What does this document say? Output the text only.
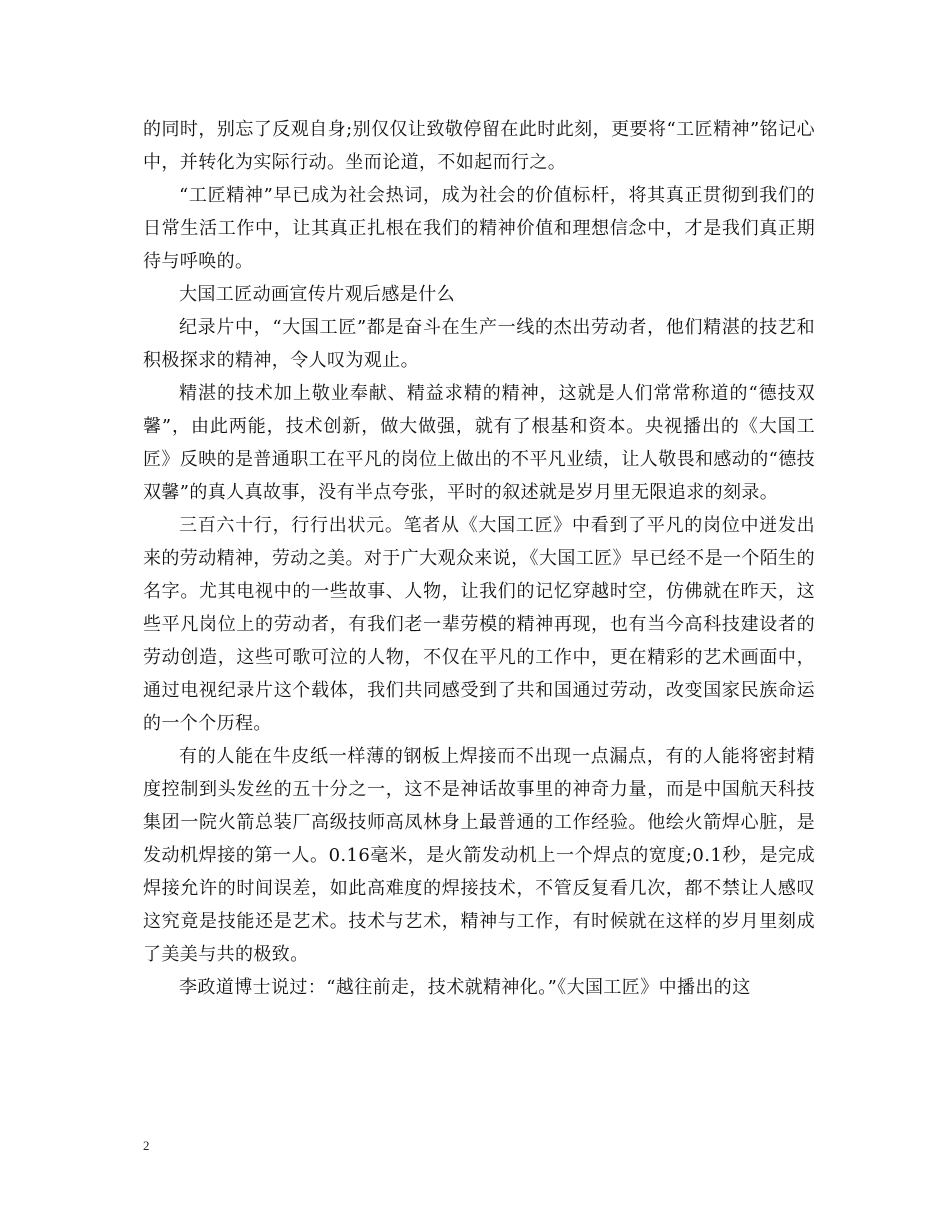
的同时，别忘了反观自身;别仅仅让致敬停留在此时此刻，更要将“工匠精神”铭记心中，并转化为实际行动。坐而论道，不如起而行之。

“工匠精神”早已成为社会热词，成为社会的价值标杆，将其真正贯彻到我们的日常生活工作中，让其真正扎根在我们的精神价值和理想信念中，才是我们真正期待与呼唤的。

大国工匠动画宣传片观后感是什么

纪录片中，“大国工匠”都是奋斗在生产一线的杰出劳动者，他们精湛的技艺和积极探求的精神，令人叹为观止。

精湛的技术加上敬业奉献、精益求精的精神，这就是人们常常称道的“德技双馨”，由此两能，技术创新，做大做强，就有了根基和资本。央视播出的《大国工匠》反映的是普通职工在平凡的岗位上做出的不平凡业绩，让人敬畏和感动的“德技双馨”的真人真故事，没有半点夸张，平时的叙述就是岁月里无限追求的刻录。

三百六十行，行行出状元。笔者从《大国工匠》中看到了平凡的岗位中迸发出来的劳动精神，劳动之美。对于广大观众来说，《大国工匠》早已经不是一个陌生的名字。尤其电视中的一些故事、人物，让我们的记忆穿越时空，仿佛就在昨天，这些平凡岗位上的劳动者，有我们老一辈劳模的精神再现，也有当今高科技建设者的劳动创造，这些可歌可泣的人物，不仅在平凡的工作中，更在精彩的艺术画面中，通过电视纪录片这个载体，我们共同感受到了共和国通过劳动，改变国家民族命运的一个个历程。

有的人能在牛皮纸一样薄的钢板上焊接而不出现一点漏点，有的人能将密封精度控制到头发丝的五十分之一，这不是神话故事里的神奇力量，而是中国航天科技集团一院火箭总装厂高级技师高凤林身上最普通的工作经验。他绘火箭焊心脏，是发动机焊接的第一人。0.16毫米，是火箭发动机上一个焊点的宽度;0.1秒，是完成焊接允许的时间误差，如此高难度的焊接技术，不管反复看几次，都不禁让人感叹这究竟是技能还是艺术。技术与艺术，精神与工作，有时候就在这样的岁月里刻成了美美与共的极致。

李政道博士说过：“越往前走，技术就精神化。”《大国工匠》中播出的这

2
